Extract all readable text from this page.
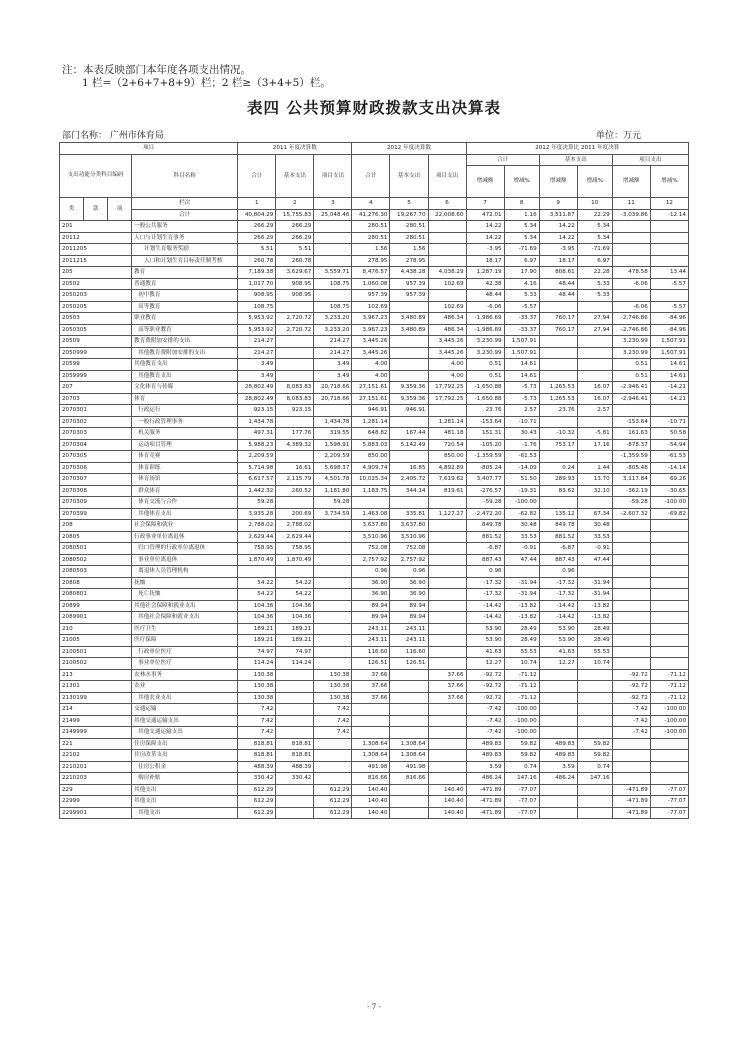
注：本表反映部门本年度各项支出情况。
1 栏=（2+6+7+8+9）栏；2 栏≥（3+4+5）栏。
表四 公共预算财政拨款支出决算表
部门名称： 广州市体育局	单位：万元
项目				2011 年度决算数			2012 年度决算数			2012 年度决算比 2011 年度决算					
支出功能分类科目编码			科目名称	合计	基本支出	项目支出	合计	基本支出	项目支出	合计		基本支出		项目支出	
										增减额	增减%	增减额	增减%	增减额	增减%
类	款	项	栏次	1	2	3	4	5	6	7	8	9	10	11	12
			合计	40,804.29	15,755.83	25,048.46	41,276.30	19,267.70	22,008.60	472.01	1.16	3,511.87	22.29	-3,039.86	-12.14
201			一般公共服务	266.29	266.29		280.51	280.51		14.22	5.34	14.22	5.34		
20112			人口与计划生育事务	266.29	266.29		280.51	280.51		14.22	5.34	14.22	5.34		
2011205			计划生育服务奖励	5.51	5.51		1.56	1.56		-3.95	-71.69	-3.95	-71.69		
2011215			人口和计划生育目标责任制考核	260.78	260.78		278.95	278.95		18.17	6.97	18.17	6.97		
205			教育	7,189.38	3,629.67	3,559.71	8,476.57	4,438.28	4,038.29	1,287.19	17.90	808.61	22.28	478.58	13.44
20502			普通教育	1,017.70	908.95	108.75	1,060.08	957.39	102.69	42.38	4.16	48.44	5.33	-6.06	-5.57
2050203			初中教育	908.95	908.95		957.39	957.39		48.44	5.33	48.44	5.33		
2050205			高等教育	108.75		108.75	102.69		102.69	-6.06	-5.57			-6.06	-5.57
20503			职业教育	5,953.92	2,720.72	3,233.20	3,967.23	3,480.89	486.34	-1,986.69	-33.37	760.17	27.94	-2,746.86	-84.96
2050305			高等职业教育	5,953.92	2,720.72	3,233.20	3,967.23	3,480.89	486.34	-1,986.69	-33.37	760.17	27.94	-2,746.86	-84.96
20509			教育费附加安排的支出	214.27		214.27	3,445.26		3,445.26	3,230.99	1,507.91			3,230.99	1,507.91
2050999			其他教育费附加安排的支出	214.27		214.27	3,445.26		3,445.26	3,230.99	1,507.91			3,230.99	1,507.91
20599			其他教育支出	3.49		3.49	4.00		4.00	0.51	14.61			0.51	14.61
2059999			其他教育支出	3.49		3.49	4.00		4.00	0.51	14.61			0.51	14.61
207			文化体育与传媒	28,802.49	8,083.83	20,718.66	27,151.61	9,359.36	17,792.25	-1,650.88	-5.73	1,265.53	16.07	-2,946.41	-14.21
20703			体育	28,802.49	8,083.83	20,718.66	27,151.61	9,359.36	17,792.25	-1,650.88	-5.73	1,265.53	16.07	-2,946.41	-14.21
2070301			行政运行	923.15	923.15		946.91	946.91		23.76	2.57	23.76	2.57		
2070302			一般行政管理事务	1,434.78		1,434.78	1,281.14		1,281.14	-153.64	-10.71			-153.64	-10.71
2070303			机关服务	497.31	177.76	319.55	648.82	167.44	481.18	151.31	30.43	-10.32	-5.81	161.63	50.58
2070304			运动项目管理	5,988.23	4,389.32	1,598.91	5,883.03	5,142.49	720.54	-105.20	-1.76	753.17	17.16	-878.37	-54.94
2070305			体育竞赛	2,209.59		2,209.59	850.00		850.00	-1,359.59	-61.53			-1,359.59	-61.53
2070306			体育训练	5,714.98	16.61	5,698.37	4,909.74	16.85	4,892.89	-805.24	-14.09	0.24	1.44	-805.48	-14.14
2070307			体育场馆	6,617.57	2,115.79	4,501.78	10,025.34	2,405.72	7,619.62	3,407.77	51.50	289.93	13.70	3,117.84	69.26
2070308			群众体育	1,442.32	260.52	1,181.80	1,183.75	344.14	819.61	-276.57	-19.31	83.62	32.10	-362.19	-30.65
2070309			体育交流与合作	59.28		59.28				-59.28	-100.00			-59.28	-100.00
2070399			其他体育支出	3,935.28	200.69	3,734.59	1,463.08	335.81	1,127.27	-2,472.20	-62.82	135.12	67.34	-2,607.32	-69.82
208			社会保障和就业	2,788.02	2,788.02		3,637.80	3,637.80		849.78	30.48	849.78	30.48		
20805			行政事业单位离退休	2,629.44	2,629.44		3,510.96	3,510.96		881.52	33.53	881.52	33.53		
2080501			归口管理的行政单位离退休	758.95	758.95		752.08	752.08		-6.87	-0.91	-6.87	-0.91		
2080502			事业单位离退休	1,870.49	1,870.49		2,757.92	2,757.92		887.43	47.44	887.43	47.44		
2080503			离退休人员管理机构				0.96	0.96		0.96		0.96			
20808			抚恤	54.22	54.22		36.90	36.90		-17.32	-31.94	-17.32	-31.94		
2080801			死亡抚恤	54.22	54.22		36.90	36.90		-17.32	-31.94	-17.32	-31.94		
20899			其他社会保障和就业支出	104.36	104.36		89.94	89.94		-14.42	-13.82	-14.42	-13.82		
2089901			其他社会保障和就业支出	104.36	104.36		89.94	89.94		-14.42	-13.82	-14.42	-13.82		
210			医疗卫生	189.21	189.21		243.11	243.11		53.90	28.49	53.90	28.49		
21005			医疗保障	189.21	189.21		243.11	243.11		53.90	28.49	53.90	28.49		
2100501			行政单位医疗	74.97	74.97		116.60	116.60		41.63	55.53	41.63	55.53		
2100502			事业单位医疗	114.24	114.24		126.51	126.51		12.27	10.74	12.27	10.74		
213			农林水事务	130.38		130.38	37.66		37.66	-92.72	-71.12			-92.72	-71.12
21301			农业	130.38		130.38	37.66		37.66	-92.72	-71.12			-92.72	-71.12
2130199			其他农业支出	130.38		130.38	37.66		37.66	-92.72	-71.12			-92.72	-71.12
214			交通运输	7.42		7.42				-7.42	-100.00			-7.42	-100.00
21499			其他交通运输支出	7.42		7.42				-7.42	-100.00			-7.42	-100.00
2149999			其他交通运输支出	7.42		7.42				-7.42	-100.00			-7.42	-100.00
221			住房保障支出	818.81	818.81		1,308.64	1,308.64		489.83	59.82	489.83	59.82		
22102			住房改革支出	818.81	818.81		1,308.64	1,308.64		489.83	59.82	489.83	59.82		
2210201			住房公积金	488.39	488.39		491.98	491.98		3.59	0.74	3.59	0.74		
2210203			购房补贴	330.42	330.42		816.66	816.66		486.24	147.16	486.24	147.16		
229			其他支出	612.29		612.29	140.40		140.40	-471.89	-77.07			-471.89	-77.07
22999			其他支出	612.29		612.29	140.40		140.40	-471.89	-77.07			-471.89	-77.07
2299901			其他支出	612.29		612.29	140.40		140.40	-471.89	-77.07			-471.89	-77.07
- 7 -
